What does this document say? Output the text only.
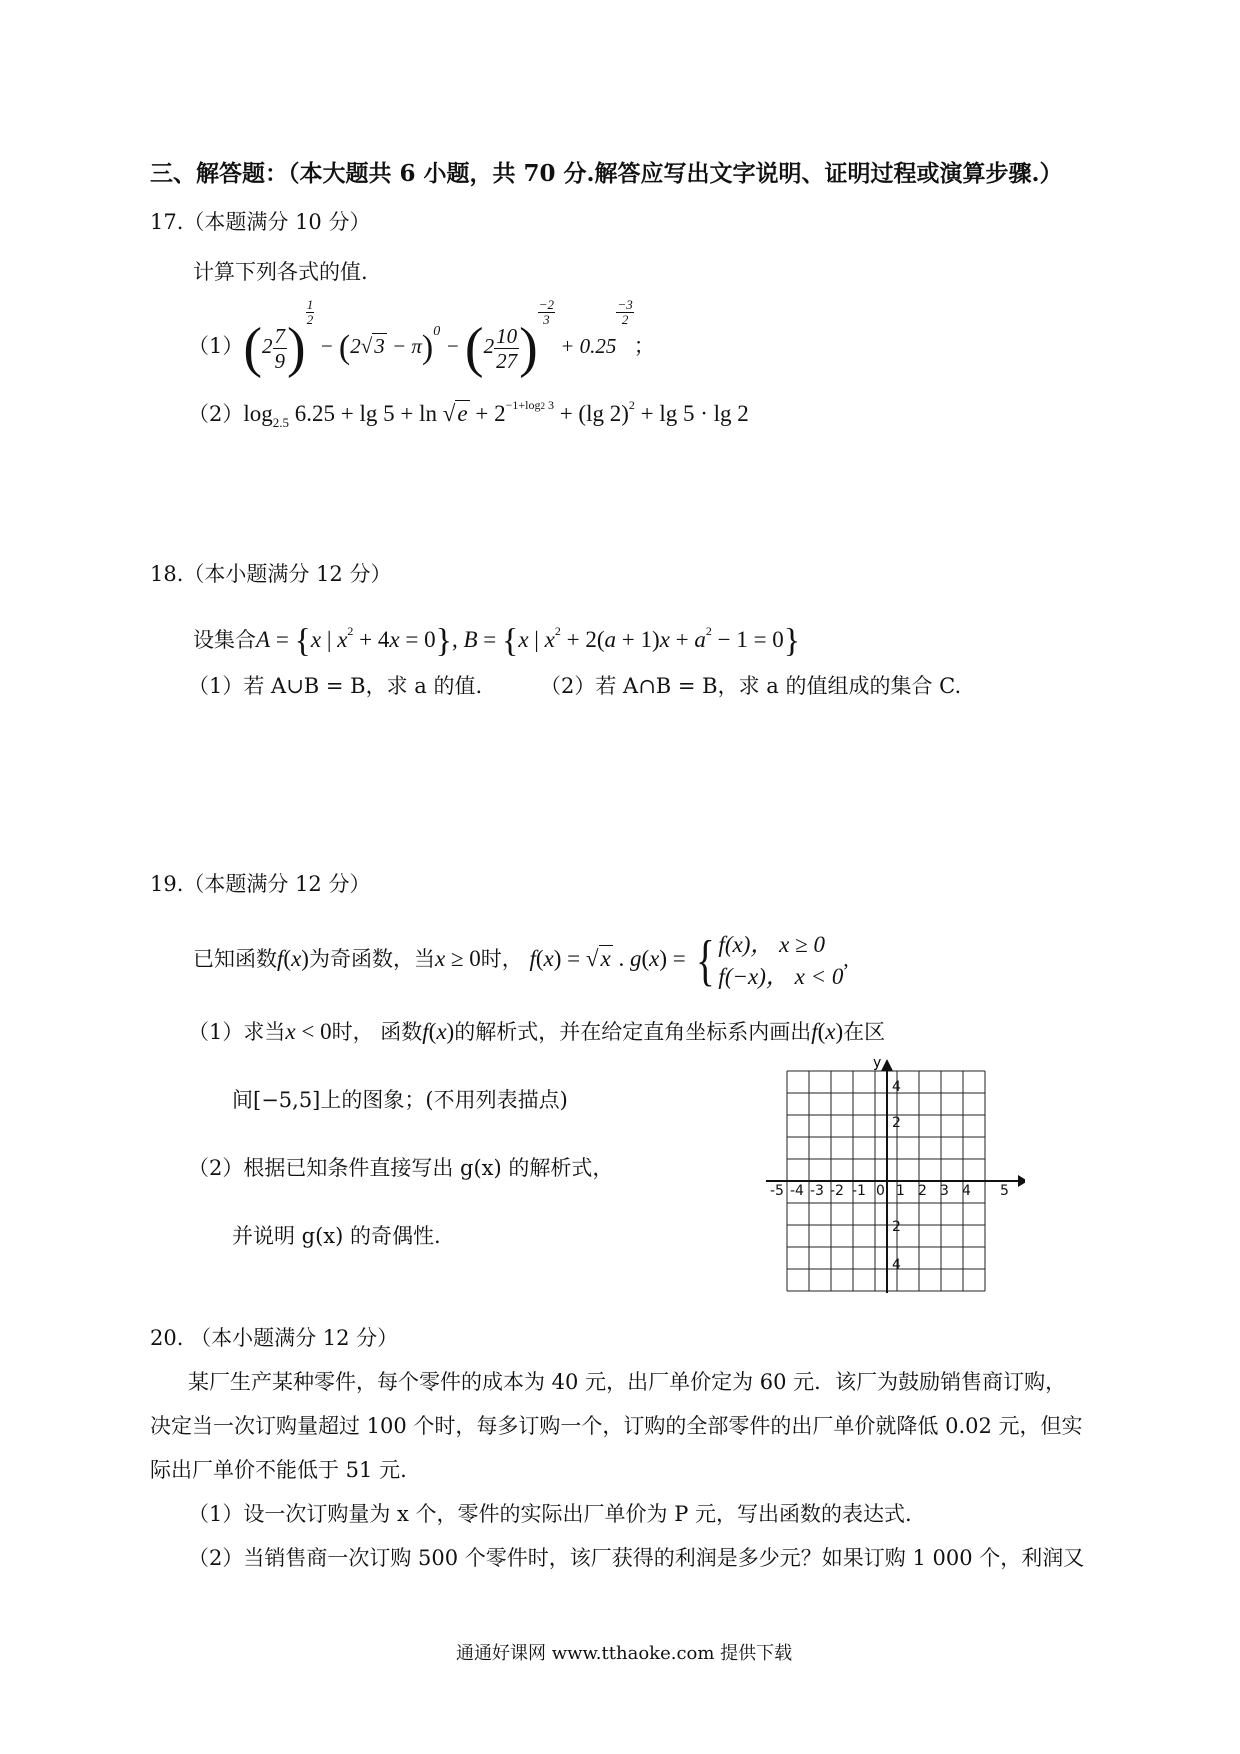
三、解答题：（本大题共 6 小题，共 70 分.解答应写出文字说明、证明过程或演算步骤.）
17.（本题满分 10 分）
计算下列各式的值.
$(1)(2 \frac{7}{9}$ )
$\frac{1}{2}$
− $(2√3 - \pi)^0 - (2 \frac{10}{27}$ )
$\frac{-2}{3}$
+ 0.25
$\frac{-3}{2}$
；
$(2)\log_{2.5}$ $6.25 + \lg 5 + \ln √e + 2^{-1+log2 3} + (\lg$ 2)$^2$ + lg 5 · lg 2
18.（本小题满分 12 分）
设集合A = {x | $x^2 + 4x = 0$}, B = {x | $x^2 + 2(a + 1)x + a^2 - 1 = 0$}
（1）若 A∪B = B，求 a 的值.	（2）若 A∩B = B，求 a 的值组成的集合 C.
19.（本题满分 12 分）
已知函数f(x)为奇函数，当x ≥ 0时， f(x) = √x . g(x) = { f(x)， x ≥ 0
f(−x)， x < 0
,
（1）求当x < 0时， 函数f(x)的解析式，并在给定直角坐标系内画出f(x)在区
间[−5,5]上的图象；(不用列表描点)
（2）根据已知条件直接写出 g(x) 的解析式，
并说明 g(x) 的奇偶性.
y
-5 -4 -3 -2 -1 0 1 2 3 4 5
4
2
2
4
20. （本小题满分 12 分）
某厂生产某种零件，每个零件的成本为 40 元，出厂单价定为 60 元．该厂为鼓励销售商订购，
决定当一次订购量超过 100 个时，每多订购一个，订购的全部零件的出厂单价就降低 0.02 元，但实
际出厂单价不能低于 51 元.
（1）设一次订购量为 x 个，零件的实际出厂单价为 P 元，写出函数的表达式.
（2）当销售商一次订购 500 个零件时，该厂获得的利润是多少元？如果订购 1 000 个，利润又
通通好课网 www.tthaoke.com 提供下载
